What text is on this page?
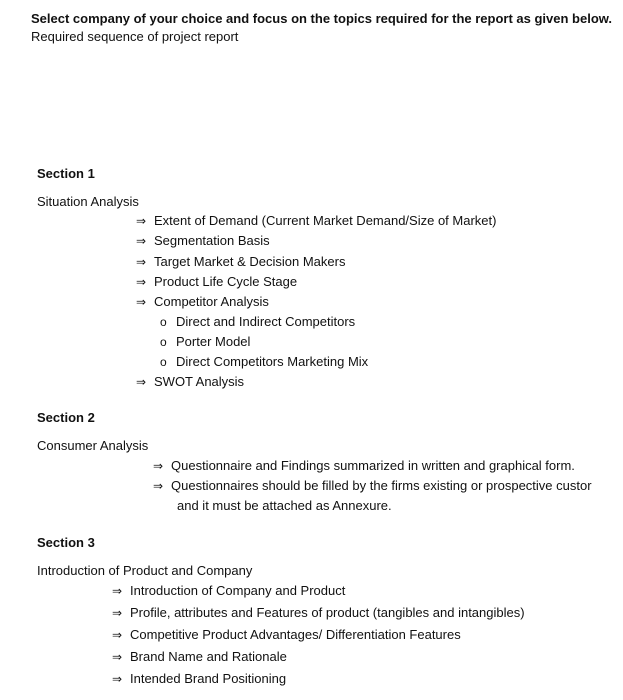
Select company of your choice and focus on the topics required for the report as given below.
Required sequence of project report
Section 1
Situation Analysis
⇒ Extent of Demand (Current Market Demand/Size of Market)
⇒ Segmentation Basis
⇒ Target Market & Decision Makers
⇒ Product Life Cycle Stage
⇒ Competitor Analysis
o Direct and Indirect Competitors
o Porter Model
o Direct Competitors Marketing Mix
⇒ SWOT Analysis
Section 2
Consumer Analysis
⇒ Questionnaire and Findings summarized in written and graphical form.
⇒ Questionnaires should be filled by the firms existing or prospective custor
and it must be attached as Annexure.
Section 3
Introduction of Product and Company
⇒ Introduction of Company and Product
⇒ Profile, attributes and Features of product (tangibles and intangibles)
⇒ Competitive Product Advantages/ Differentiation Features
⇒ Brand Name and Rationale
⇒ Intended Brand Positioning
